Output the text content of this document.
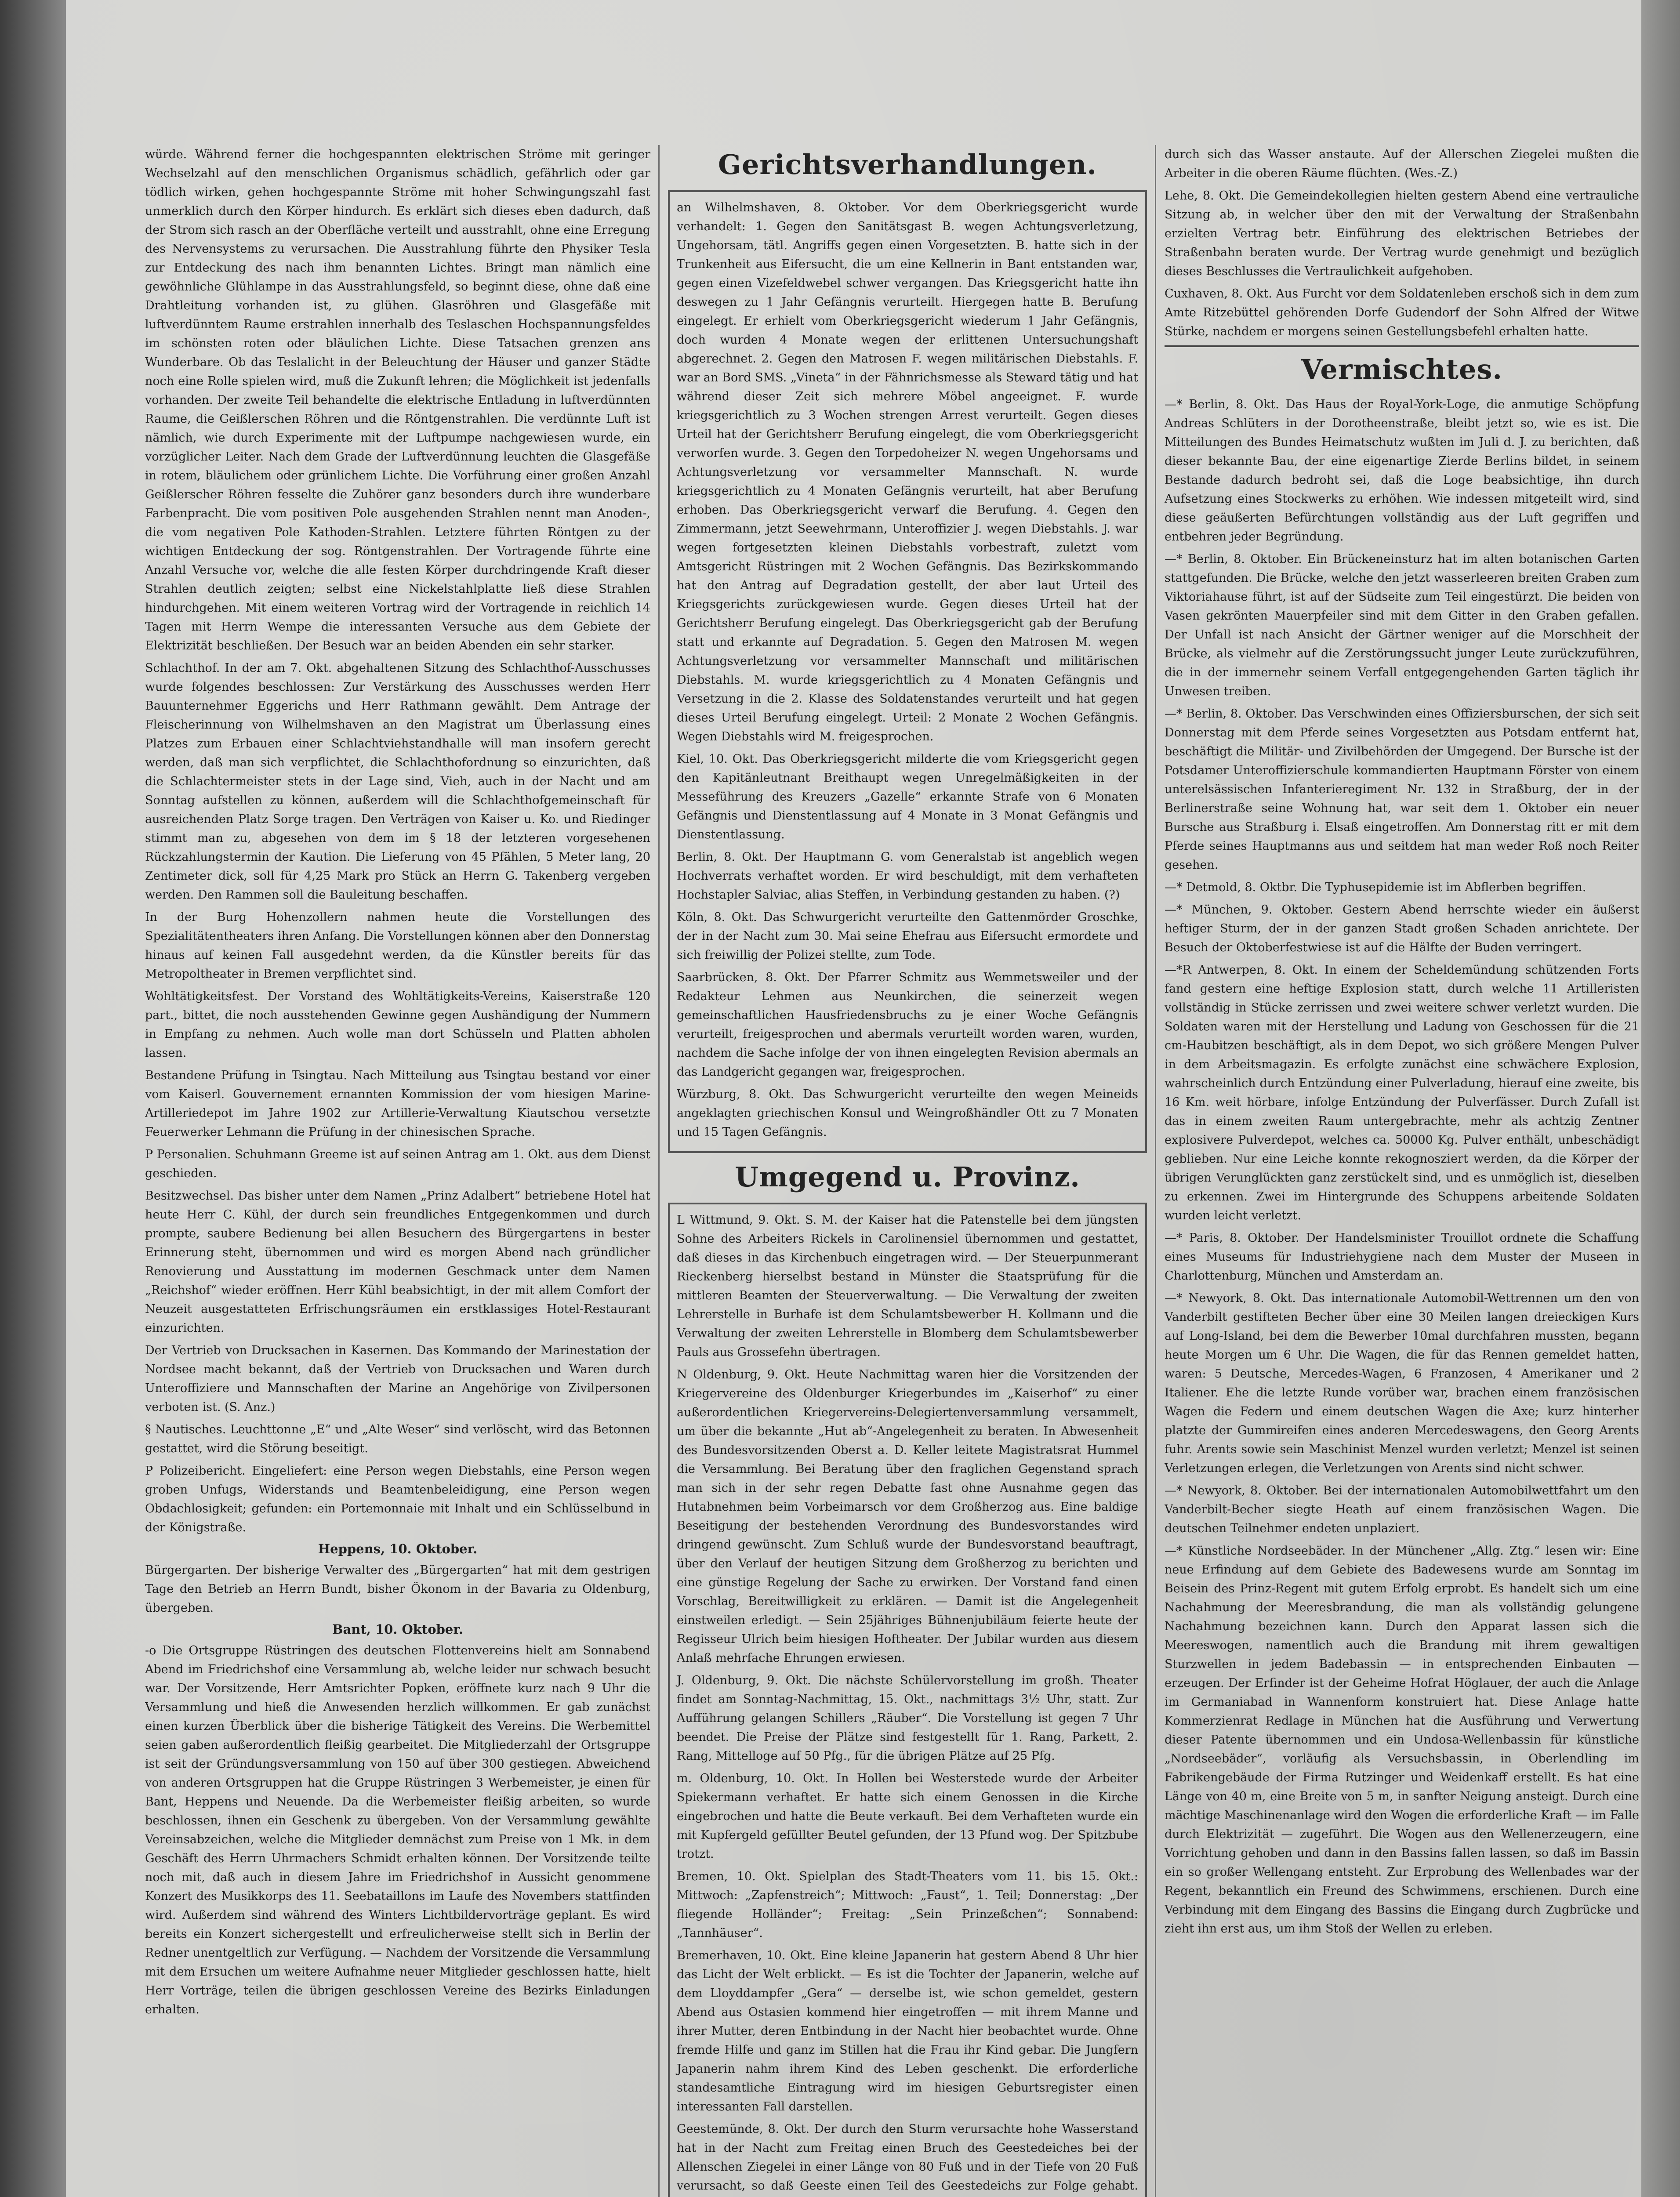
würde. Während ferner die hochgespannten elektrischen Ströme mit geringer Wechselzahl auf den menschlichen Organismus schädlich, gefährlich oder gar tödlich wirken, gehen hochgespannte Ströme mit hoher Schwingungszahl fast unmerklich durch den Körper hindurch. Es erklärt sich dieses eben dadurch, daß der Strom sich rasch an der Oberfläche verteilt und ausstrahlt, ohne eine Erregung des Nervensystems zu verursachen. Die Ausstrahlung führte den Physiker Tesla zur Entdeckung des nach ihm benannten Lichtes. Bringt man nämlich eine gewöhnliche Glühlampe in das Ausstrahlungsfeld, so beginnt diese, ohne daß eine Drahtleitung vorhanden ist, zu glühen. Glasröhren und Glasgefäße mit luftverdünntem Raume erstrahlen innerhalb des Teslaschen Hochspannungsfeldes im schönsten roten oder bläulichen Lichte. Diese Tatsachen grenzen ans Wunderbare. Ob das Teslalicht in der Beleuchtung der Häuser und ganzer Städte noch eine Rolle spielen wird, muß die Zukunft lehren; die Möglichkeit ist jedenfalls vorhanden. Der zweite Teil behandelte die elektrische Entladung in luftverdünnten Raume, die Geißlerschen Röhren und die Röntgenstrahlen. Die verdünnte Luft ist nämlich, wie durch Experimente mit der Luftpumpe nachgewiesen wurde, ein vorzüglicher Leiter. Nach dem Grade der Luftverdünnung leuchten die Glasgefäße in rotem, bläulichem oder grünlichem Lichte. Die Vorführung einer großen Anzahl Geißlerscher Röhren fesselte die Zuhörer ganz besonders durch ihre wunderbare Farbenpracht. Die vom positiven Pole ausgehenden Strahlen nennt man Anoden-, die vom negativen Pole Kathoden-Strahlen. Letztere führten Röntgen zu der wichtigen Entdeckung der sog. Röntgenstrahlen. Der Vortragende führte eine Anzahl Versuche vor, welche die alle festen Körper durchdringende Kraft dieser Strahlen deutlich zeigten; selbst eine Nickelstahlplatte ließ diese Strahlen hindurchgehen. Mit einem weiteren Vortrag wird der Vortragende in reichlich 14 Tagen mit Herrn Wempe die interessanten Versuche aus dem Gebiete der Elektrizität beschließen. Der Besuch war an beiden Abenden ein sehr starker.

Schlachthof. In der am 7. Okt. abgehaltenen Sitzung des Schlachthof-Ausschusses wurde folgendes beschlossen: Zur Verstärkung des Ausschusses werden Herr Bauunternehmer Eggerichs und Herr Rathmann gewählt. Dem Antrage der Fleischerinnung von Wilhelmshaven an den Magistrat um Überlassung eines Platzes zum Erbauen einer Schlachtviehstandhalle will man insofern gerecht werden, daß man sich verpflichtet, die Schlachthofordnung so einzurichten, daß die Schlachtermeister stets in der Lage sind, Vieh, auch in der Nacht und am Sonntag aufstellen zu können, außerdem will die Schlachthofgemeinschaft für ausreichenden Platz Sorge tragen. Den Verträgen von Kaiser u. Ko. und Riedinger stimmt man zu, abgesehen von dem im § 18 der letzteren vorgesehenen Rückzahlungstermin der Kaution. Die Lieferung von 45 Pfählen, 5 Meter lang, 20 Zentimeter dick, soll für 4,25 Mark pro Stück an Herrn G. Takenberg vergeben werden. Den Rammen soll die Bauleitung beschaffen.

In der Burg Hohenzollern nahmen heute die Vorstellungen des Spezialitätentheaters ihren Anfang. Die Vorstellungen können aber den Donnerstag hinaus auf keinen Fall ausgedehnt werden, da die Künstler bereits für das Metropoltheater in Bremen verpflichtet sind.

Wohltätigkeitsfest. Der Vorstand des Wohltätigkeits-Vereins, Kaiserstraße 120 part., bittet, die noch ausstehenden Gewinne gegen Aushändigung der Nummern in Empfang zu nehmen. Auch wolle man dort Schüsseln und Platten abholen lassen.

Bestandene Prüfung in Tsingtau. Nach Mitteilung aus Tsingtau bestand vor einer vom Kaiserl. Gouvernement ernannten Kommission der vom hiesigen Marine-Artilleriedepot im Jahre 1902 zur Artillerie-Verwaltung Kiautschou versetzte Feuerwerker Lehmann die Prüfung in der chinesischen Sprache.

P Personalien. Schuhmann Greeme ist auf seinen Antrag am 1. Okt. aus dem Dienst geschieden.

Besitzwechsel. Das bisher unter dem Namen „Prinz Adalbert“ betriebene Hotel hat heute Herr C. Kühl, der durch sein freundliches Entgegenkommen und durch prompte, saubere Bedienung bei allen Besuchern des Bürgergartens in bester Erinnerung steht, übernommen und wird es morgen Abend nach gründlicher Renovierung und Ausstattung im modernen Geschmack unter dem Namen „Reichshof“ wieder eröffnen. Herr Kühl beabsichtigt, in der mit allem Comfort der Neuzeit ausgestatteten Erfrischungsräumen ein erstklassiges Hotel-Restaurant einzurichten.

Der Vertrieb von Drucksachen in Kasernen. Das Kommando der Marinestation der Nordsee macht bekannt, daß der Vertrieb von Drucksachen und Waren durch Unteroffiziere und Mannschaften der Marine an Angehörige von Zivilpersonen verboten ist. (S. Anz.)

§ Nautisches. Leuchttonne „E“ und „Alte Weser“ sind verlöscht, wird das Betonnen gestattet, wird die Störung beseitigt.

P Polizeibericht. Eingeliefert: eine Person wegen Diebstahls, eine Person wegen groben Unfugs, Widerstands und Beamtenbeleidigung, eine Person wegen Obdachlosigkeit; gefunden: ein Portemonnaie mit Inhalt und ein Schlüsselbund in der Königstraße.

Heppens, 10. Oktober.

Bürgergarten. Der bisherige Verwalter des „Bürgergarten“ hat mit dem gestrigen Tage den Betrieb an Herrn Bundt, bisher Ökonom in der Bavaria zu Oldenburg, übergeben.

Bant, 10. Oktober.

-o Die Ortsgruppe Rüstringen des deutschen Flottenvereins hielt am Sonnabend Abend im Friedrichshof eine Versammlung ab, welche leider nur schwach besucht war. Der Vorsitzende, Herr Amtsrichter Popken, eröffnete kurz nach 9 Uhr die Versammlung und hieß die Anwesenden herzlich willkommen. Er gab zunächst einen kurzen Überblick über die bisherige Tätigkeit des Vereins. Die Werbemittel seien gaben außerordentlich fleißig gearbeitet. Die Mitgliederzahl der Ortsgruppe ist seit der Gründungsversammlung von 150 auf über 300 gestiegen. Abweichend von anderen Ortsgruppen hat die Gruppe Rüstringen 3 Werbemeister, je einen für Bant, Heppens und Neuende. Da die Werbemeister fleißig arbeiten, so wurde beschlossen, ihnen ein Geschenk zu übergeben. Von der Versammlung gewählte Vereinsabzeichen, welche die Mitglieder demnächst zum Preise von 1 Mk. in dem Geschäft des Herrn Uhrmachers Schmidt erhalten können. Der Vorsitzende teilte noch mit, daß auch in diesem Jahre im Friedrichshof in Aussicht genommene Konzert des Musikkorps des 11. Seebataillons im Laufe des Novembers stattfinden wird. Außerdem sind während des Winters Lichtbildervorträge geplant. Es wird bereits ein Konzert sichergestellt und erfreulicherweise stellt sich in Berlin der Redner unentgeltlich zur Verfügung. — Nachdem der Vorsitzende die Versammlung mit dem Ersuchen um weitere Aufnahme neuer Mitglieder geschlossen hatte, hielt Herr Vorträge, teilen die übrigen geschlossen Vereine des Bezirks Einladungen erhalten.

Gerichtsverhandlungen.

an Wilhelmshaven, 8. Oktober. Vor dem Oberkriegsgericht wurde verhandelt: 1. Gegen den Sanitätsgast B. wegen Achtungsverletzung, Ungehorsam, tätl. Angriffs gegen einen Vorgesetzten. B. hatte sich in der Trunkenheit aus Eifersucht, die um eine Kellnerin in Bant entstanden war, gegen einen Vizefeldwebel schwer vergangen. Das Kriegsgericht hatte ihn deswegen zu 1 Jahr Gefängnis verurteilt. Hiergegen hatte B. Berufung eingelegt. Er erhielt vom Oberkriegsgericht wiederum 1 Jahr Gefängnis, doch wurden 4 Monate wegen der erlittenen Untersuchungshaft abgerechnet. 2. Gegen den Matrosen F. wegen militärischen Diebstahls. F. war an Bord SMS. „Vineta“ in der Fähnrichsmesse als Steward tätig und hat während dieser Zeit sich mehrere Möbel angeeignet. F. wurde kriegsgerichtlich zu 3 Wochen strengen Arrest verurteilt. Gegen dieses Urteil hat der Gerichtsherr Berufung eingelegt, die vom Oberkriegsgericht verworfen wurde. 3. Gegen den Torpedoheizer N. wegen Ungehorsams und Achtungsverletzung vor versammelter Mannschaft. N. wurde kriegsgerichtlich zu 4 Monaten Gefängnis verurteilt, hat aber Berufung erhoben. Das Oberkriegsgericht verwarf die Berufung. 4. Gegen den Zimmermann, jetzt Seewehrmann, Unteroffizier J. wegen Diebstahls. J. war wegen fortgesetzten kleinen Diebstahls vorbestraft, zuletzt vom Amtsgericht Rüstringen mit 2 Wochen Gefängnis. Das Bezirkskommando hat den Antrag auf Degradation gestellt, der aber laut Urteil des Kriegsgerichts zurückgewiesen wurde. Gegen dieses Urteil hat der Gerichtsherr Berufung eingelegt. Das Oberkriegsgericht gab der Berufung statt und erkannte auf Degradation. 5. Gegen den Matrosen M. wegen Achtungsverletzung vor versammelter Mannschaft und militärischen Diebstahls. M. wurde kriegsgerichtlich zu 4 Monaten Gefängnis und Versetzung in die 2. Klasse des Soldatenstandes verurteilt und hat gegen dieses Urteil Berufung eingelegt. Urteil: 2 Monate 2 Wochen Gefängnis. Wegen Diebstahls wird M. freigesprochen.

Kiel, 10. Okt. Das Oberkriegsgericht milderte die vom Kriegsgericht gegen den Kapitänleutnant Breithaupt wegen Unregelmäßigkeiten in der Messeführung des Kreuzers „Gazelle“ erkannte Strafe von 6 Monaten Gefängnis und Dienstentlassung auf 4 Monate in 3 Monat Gefängnis und Dienstentlassung.

Berlin, 8. Okt. Der Hauptmann G. vom Generalstab ist angeblich wegen Hochverrats verhaftet worden. Er wird beschuldigt, mit dem verhafteten Hochstapler Salviac, alias Steffen, in Verbindung gestanden zu haben. (?)

Köln, 8. Okt. Das Schwurgericht verurteilte den Gattenmörder Groschke, der in der Nacht zum 30. Mai seine Ehefrau aus Eifersucht ermordete und sich freiwillig der Polizei stellte, zum Tode.

Saarbrücken, 8. Okt. Der Pfarrer Schmitz aus Wemmetsweiler und der Redakteur Lehmen aus Neunkirchen, die seinerzeit wegen gemeinschaftlichen Hausfriedensbruchs zu je einer Woche Gefängnis verurteilt, freigesprochen und abermals verurteilt worden waren, wurden, nachdem die Sache infolge der von ihnen eingelegten Revision abermals an das Landgericht gegangen war, freigesprochen.

Würzburg, 8. Okt. Das Schwurgericht verurteilte den wegen Meineids angeklagten griechischen Konsul und Weingroßhändler Ott zu 7 Monaten und 15 Tagen Gefängnis.

Umgegend u. Provinz.

L Wittmund, 9. Okt. S. M. der Kaiser hat die Patenstelle bei dem jüngsten Sohne des Arbeiters Rickels in Carolinensiel übernommen und gestattet, daß dieses in das Kirchenbuch eingetragen wird. — Der Steuerpunmerant Rieckenberg hierselbst bestand in Münster die Staatsprüfung für die mittleren Beamten der Steuerverwaltung. — Die Verwaltung der zweiten Lehrerstelle in Burhafe ist dem Schulamtsbewerber H. Kollmann und die Verwaltung der zweiten Lehrerstelle in Blomberg dem Schulamtsbewerber Pauls aus Grossefehn übertragen.

N Oldenburg, 9. Okt. Heute Nachmittag waren hier die Vorsitzenden der Kriegervereine des Oldenburger Kriegerbundes im „Kaiserhof“ zu einer außerordentlichen Kriegervereins-Delegiertenversammlung versammelt, um über die bekannte „Hut ab“-Angelegenheit zu beraten. In Abwesenheit des Bundesvorsitzenden Oberst a. D. Keller leitete Magistratsrat Hummel die Versammlung. Bei Beratung über den fraglichen Gegenstand sprach man sich in der sehr regen Debatte fast ohne Ausnahme gegen das Hutabnehmen beim Vorbeimarsch vor dem Großherzog aus. Eine baldige Beseitigung der bestehenden Verordnung des Bundesvorstandes wird dringend gewünscht. Zum Schluß wurde der Bundesvorstand beauftragt, über den Verlauf der heutigen Sitzung dem Großherzog zu berichten und eine günstige Regelung der Sache zu erwirken. Der Vorstand fand einen Vorschlag, Bereitwilligkeit zu erklären. — Damit ist die Angelegenheit einstweilen erledigt. — Sein 25jähriges Bühnenjubiläum feierte heute der Regisseur Ulrich beim hiesigen Hoftheater. Der Jubilar wurden aus diesem Anlaß mehrfache Ehrungen erwiesen.

J. Oldenburg, 9. Okt. Die nächste Schülervorstellung im großh. Theater findet am Sonntag-Nachmittag, 15. Okt., nachmittags 3½ Uhr, statt. Zur Aufführung gelangen Schillers „Räuber“. Die Vorstellung ist gegen 7 Uhr beendet. Die Preise der Plätze sind festgestellt für 1. Rang, Parkett, 2. Rang, Mittelloge auf 50 Pfg., für die übrigen Plätze auf 25 Pfg.

m. Oldenburg, 10. Okt. In Hollen bei Westerstede wurde der Arbeiter Spiekermann verhaftet. Er hatte sich einem Genossen in die Kirche eingebrochen und hatte die Beute verkauft. Bei dem Verhafteten wurde ein mit Kupfergeld gefüllter Beutel gefunden, der 13 Pfund wog. Der Spitzbube trotzt.

Bremen, 10. Okt. Spielplan des Stadt-Theaters vom 11. bis 15. Okt.: Mittwoch: „Zapfenstreich“; Mittwoch: „Faust“, 1. Teil; Donnerstag: „Der fliegende Holländer“; Freitag: „Sein Prinzeßchen“; Sonnabend: „Tannhäuser“.

Bremerhaven, 10. Okt. Eine kleine Japanerin hat gestern Abend 8 Uhr hier das Licht der Welt erblickt. — Es ist die Tochter der Japanerin, welche auf dem Lloyddampfer „Gera“ — derselbe ist, wie schon gemeldet, gestern Abend aus Ostasien kommend hier eingetroffen — mit ihrem Manne und ihrer Mutter, deren Entbindung in der Nacht hier beobachtet wurde. Ohne fremde Hilfe und ganz im Stillen hat die Frau ihr Kind gebar. Die Jungfern Japanerin nahm ihrem Kind des Leben geschenkt. Die erforderliche standesamtliche Eintragung wird im hiesigen Geburtsregister einen interessanten Fall darstellen.

Geestemünde, 8. Okt. Der durch den Sturm verursachte hohe Wasserstand hat in der Nacht zum Freitag einen Bruch des Geestedeiches bei der Allenschen Ziegelei in einer Länge von 80 Fuß und in der Tiefe von 20 Fuß verursacht, so daß Geeste einen Teil des Geestedeichs zur Folge gehabt.

durch sich das Wasser anstaute. Auf der Allerschen Ziegelei mußten die Arbeiter in die oberen Räume flüchten. (Wes.-Z.)

Lehe, 8. Okt. Die Gemeindekollegien hielten gestern Abend eine vertrauliche Sitzung ab, in welcher über den mit der Verwaltung der Straßenbahn erzielten Vertrag betr. Einführung des elektrischen Betriebes der Straßenbahn beraten wurde. Der Vertrag wurde genehmigt und bezüglich dieses Beschlusses die Vertraulichkeit aufgehoben.

Cuxhaven, 8. Okt. Aus Furcht vor dem Soldatenleben erschoß sich in dem zum Amte Ritzebüttel gehörenden Dorfe Gudendorf der Sohn Alfred der Witwe Stürke, nachdem er morgens seinen Gestellungsbefehl erhalten hatte.

Vermischtes.

—* Berlin, 8. Okt. Das Haus der Royal-York-Loge, die anmutige Schöpfung Andreas Schlüters in der Dorotheenstraße, bleibt jetzt so, wie es ist. Die Mitteilungen des Bundes Heimatschutz wußten im Juli d. J. zu berichten, daß dieser bekannte Bau, der eine eigenartige Zierde Berlins bildet, in seinem Bestande dadurch bedroht sei, daß die Loge beabsichtige, ihn durch Aufsetzung eines Stockwerks zu erhöhen. Wie indessen mitgeteilt wird, sind diese geäußerten Befürchtungen vollständig aus der Luft gegriffen und entbehren jeder Begründung.

—* Berlin, 8. Oktober. Ein Brückeneinsturz hat im alten botanischen Garten stattgefunden. Die Brücke, welche den jetzt wasserleeren breiten Graben zum Viktoriahause führt, ist auf der Südseite zum Teil eingestürzt. Die beiden von Vasen gekrönten Mauerpfeiler sind mit dem Gitter in den Graben gefallen. Der Unfall ist nach Ansicht der Gärtner weniger auf die Morschheit der Brücke, als vielmehr auf die Zerstörungssucht junger Leute zurückzuführen, die in der immernehr seinem Verfall entgegengehenden Garten täglich ihr Unwesen treiben.

—* Berlin, 8. Oktober. Das Verschwinden eines Offiziersburschen, der sich seit Donnerstag mit dem Pferde seines Vorgesetzten aus Potsdam entfernt hat, beschäftigt die Militär- und Zivilbehörden der Umgegend. Der Bursche ist der Potsdamer Unteroffizierschule kommandierten Hauptmann Förster von einem unterelsässischen Infanterieregiment Nr. 132 in Straßburg, der in der Berlinerstraße seine Wohnung hat, war seit dem 1. Oktober ein neuer Bursche aus Straßburg i. Elsaß eingetroffen. Am Donnerstag ritt er mit dem Pferde seines Hauptmanns aus und seitdem hat man weder Roß noch Reiter gesehen.

—* Detmold, 8. Oktbr. Die Typhusepidemie ist im Abflerben begriffen.

—* München, 9. Oktober. Gestern Abend herrschte wieder ein äußerst heftiger Sturm, der in der ganzen Stadt großen Schaden anrichtete. Der Besuch der Oktoberfestwiese ist auf die Hälfte der Buden verringert.

—*R Antwerpen, 8. Okt. In einem der Scheldemündung schützenden Forts fand gestern eine heftige Explosion statt, durch welche 11 Artilleristen vollständig in Stücke zerrissen und zwei weitere schwer verletzt wurden. Die Soldaten waren mit der Herstellung und Ladung von Geschossen für die 21 cm-Haubitzen beschäftigt, als in dem Depot, wo sich größere Mengen Pulver in dem Arbeitsmagazin. Es erfolgte zunächst eine schwächere Explosion, wahrscheinlich durch Entzündung einer Pulverladung, hierauf eine zweite, bis 16 Km. weit hörbare, infolge Entzündung der Pulverfässer. Durch Zufall ist das in einem zweiten Raum untergebrachte, mehr als achtzig Zentner explosivere Pulverdepot, welches ca. 50000 Kg. Pulver enthält, unbeschädigt geblieben. Nur eine Leiche konnte rekognosziert werden, da die Körper der übrigen Verunglückten ganz zerstückelt sind, und es unmöglich ist, dieselben zu erkennen. Zwei im Hintergrunde des Schuppens arbeitende Soldaten wurden leicht verletzt.

—* Paris, 8. Oktober. Der Handelsminister Trouillot ordnete die Schaffung eines Museums für Industriehygiene nach dem Muster der Museen in Charlottenburg, München und Amsterdam an.

—* Newyork, 8. Okt. Das internationale Automobil-Wettrennen um den von Vanderbilt gestifteten Becher über eine 30 Meilen langen dreieckigen Kurs auf Long-Island, bei dem die Bewerber 10mal durchfahren mussten, begann heute Morgen um 6 Uhr. Die Wagen, die für das Rennen gemeldet hatten, waren: 5 Deutsche, Mercedes-Wagen, 6 Franzosen, 4 Amerikaner und 2 Italiener. Ehe die letzte Runde vorüber war, brachen einem französischen Wagen die Federn und einem deutschen Wagen die Axe; kurz hinterher platzte der Gummireifen eines anderen Mercedeswagens, den Georg Arents fuhr. Arents sowie sein Maschinist Menzel wurden verletzt; Menzel ist seinen Verletzungen erlegen, die Verletzungen von Arents sind nicht schwer.

—* Newyork, 8. Oktober. Bei der internationalen Automobilwettfahrt um den Vanderbilt-Becher siegte Heath auf einem französischen Wagen. Die deutschen Teilnehmer endeten unplaziert.

—* Künstliche Nordseebäder. In der Münchener „Allg. Ztg.“ lesen wir: Eine neue Erfindung auf dem Gebiete des Badewesens wurde am Sonntag im Beisein des Prinz-Regent mit gutem Erfolg erprobt. Es handelt sich um eine Nachahmung der Meeresbrandung, die man als vollständig gelungene Nachahmung bezeichnen kann. Durch den Apparat lassen sich die Meereswogen, namentlich auch die Brandung mit ihrem gewaltigen Sturzwellen in jedem Badebassin — in entsprechenden Einbauten — erzeugen. Der Erfinder ist der Geheime Hofrat Höglauer, der auch die Anlage im Germaniabad in Wannenform konstruiert hat. Diese Anlage hatte Kommerzienrat Redlage in München hat die Ausführung und Verwertung dieser Patente übernommen und ein Undosa-Wellenbassin für künstliche „Nordseebäder“, vorläufig als Versuchsbassin, in Oberlendling im Fabrikengebäude der Firma Rutzinger und Weidenkaff erstellt. Es hat eine Länge von 40 m, eine Breite von 5 m, in sanfter Neigung ansteigt. Durch eine mächtige Maschinenanlage wird den Wogen die erforderliche Kraft — im Falle durch Elektrizität — zugeführt. Die Wogen aus den Wellenerzeugern, eine Vorrichtung gehoben und dann in den Bassins fallen lassen, so daß im Bassin ein so großer Wellengang entsteht. Zur Erprobung des Wellenbades war der Regent, bekanntlich ein Freund des Schwimmens, erschienen. Durch eine Verbindung mit dem Eingang des Bassins die Eingang durch Zugbrücke und zieht ihn erst aus, um ihm Stoß der Wellen zu erleben.
